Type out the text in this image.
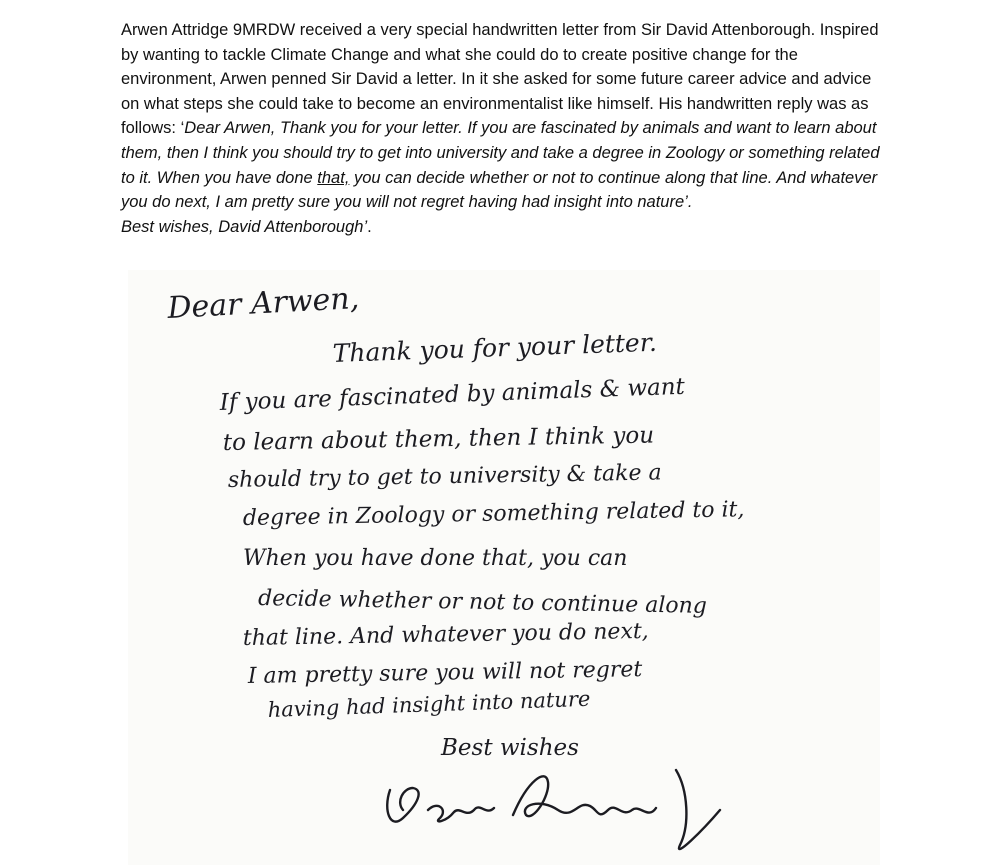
Arwen Attridge 9MRDW received a very special handwritten letter from Sir David Attenborough. Inspired by wanting to tackle Climate Change and what she could do to create positive change for the environment, Arwen penned Sir David a letter. In it she asked for some future career advice and advice on what steps she could take to become an environmentalist like himself. His handwritten reply was as follows: ‘Dear Arwen, Thank you for your letter. If you are fascinated by animals and want to learn about them, then I think you should try to get into university and take a degree in Zoology or something related to it. When you have done that, you can decide whether or not to continue along that line. And whatever you do next, I am pretty sure you will not regret having had insight into nature’.
Best wishes, David Attenborough’.

Dear Arwen,
Thank you for your letter.
If you are fascinated by animals & want
to learn about them, then I think you
should try to get to university & take a
degree in Zoology or something related to it,
When you have done that, you can
decide whether or not to continue along
that line. And whatever you do next,
I am pretty sure you will not regret
having had insight into nature
Best wishes
